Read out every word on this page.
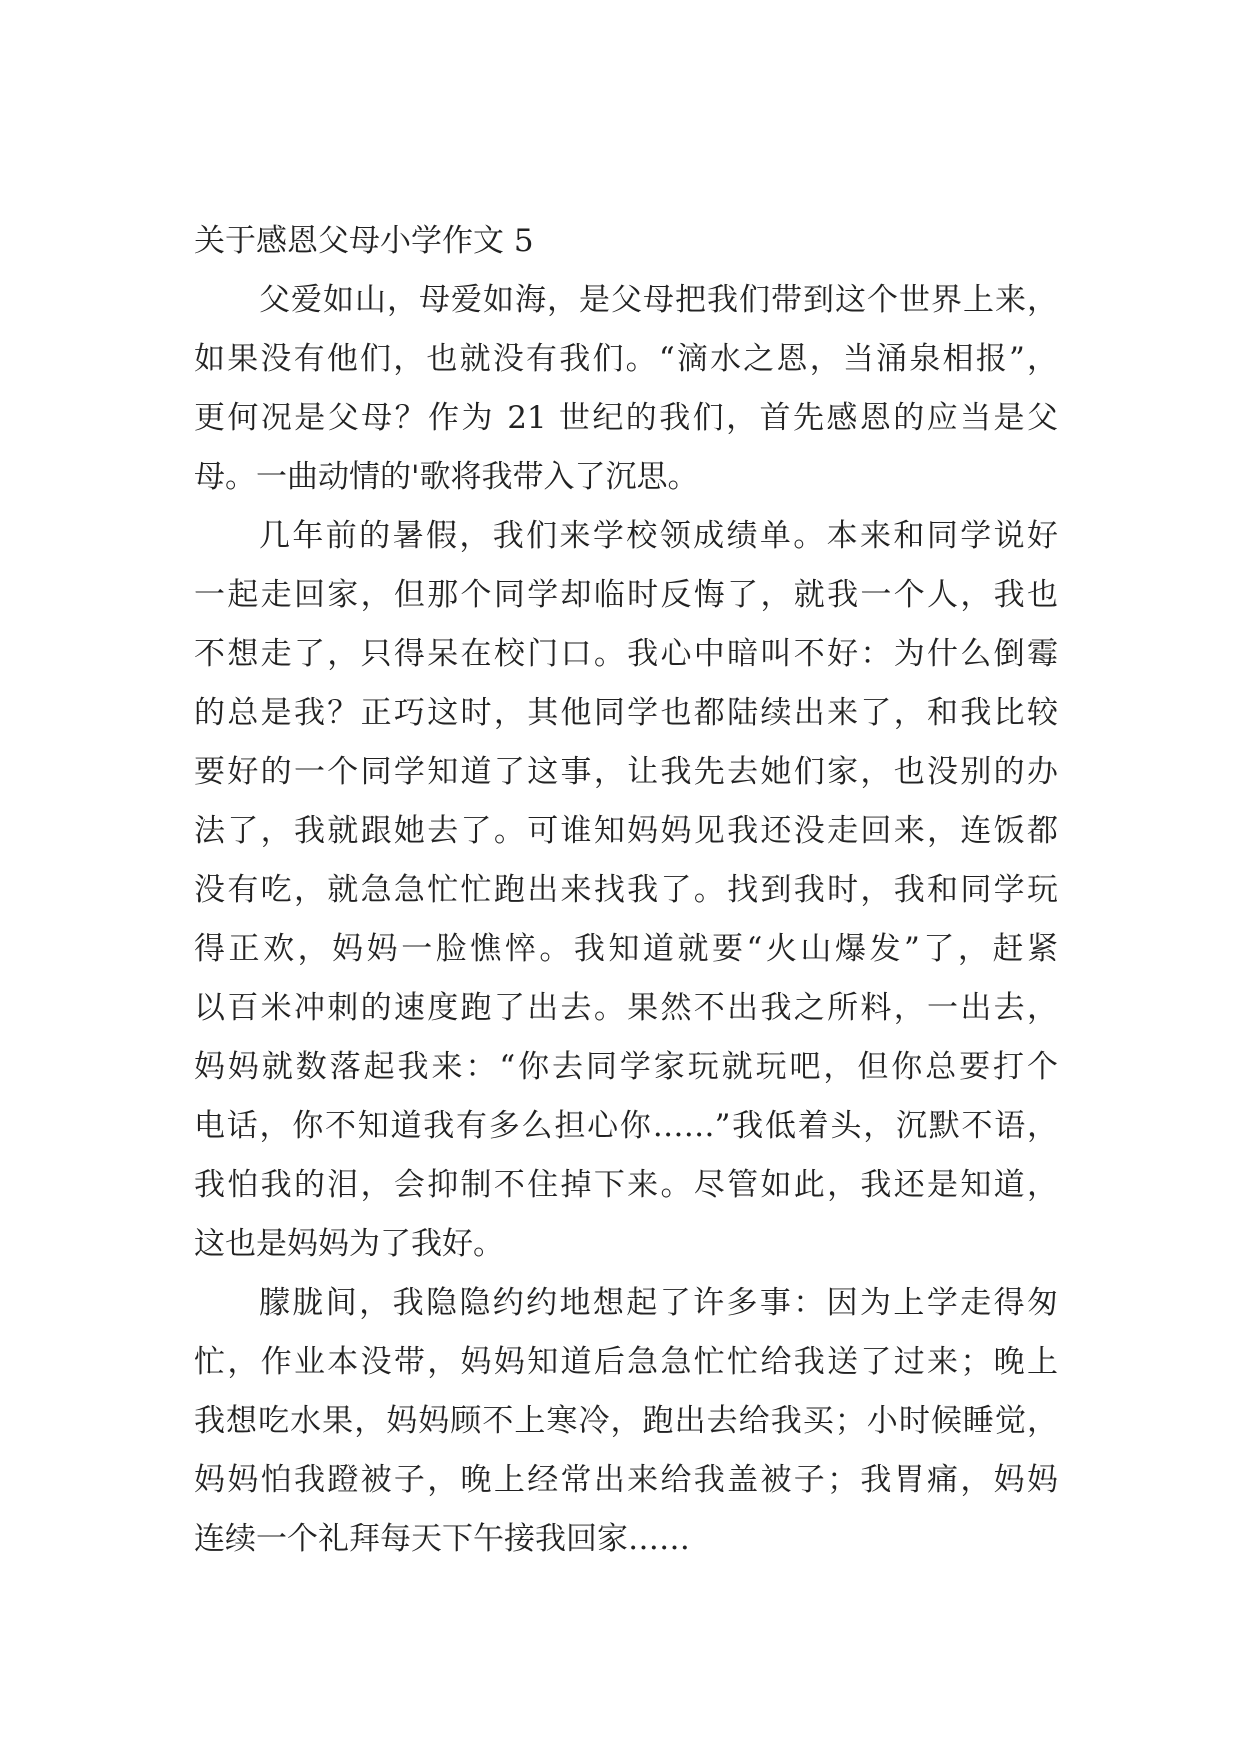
关于感恩父母小学作文 5
父爱如山，母爱如海，是父母把我们带到这个世界上来，
如果没有他们，也就没有我们。“滴水之恩，当涌泉相报”，
更何况是父母？作为 21 世纪的我们，首先感恩的应当是父
母。一曲动情的'歌将我带入了沉思。
几年前的暑假，我们来学校领成绩单。本来和同学说好
一起走回家，但那个同学却临时反悔了，就我一个人，我也
不想走了，只得呆在校门口。我心中暗叫不好：为什么倒霉
的总是我？正巧这时，其他同学也都陆续出来了，和我比较
要好的一个同学知道了这事，让我先去她们家，也没别的办
法了，我就跟她去了。可谁知妈妈见我还没走回来，连饭都
没有吃，就急急忙忙跑出来找我了。找到我时，我和同学玩
得正欢，妈妈一脸憔悴。我知道就要“火山爆发”了，赶紧
以百米冲刺的速度跑了出去。果然不出我之所料，一出去，
妈妈就数落起我来：“你去同学家玩就玩吧，但你总要打个
电话，你不知道我有多么担心你……”我低着头，沉默不语，
我怕我的泪，会抑制不住掉下来。尽管如此，我还是知道，
这也是妈妈为了我好。
朦胧间，我隐隐约约地想起了许多事：因为上学走得匆
忙，作业本没带，妈妈知道后急急忙忙给我送了过来；晚上
我想吃水果，妈妈顾不上寒冷，跑出去给我买；小时候睡觉，
妈妈怕我蹬被子，晚上经常出来给我盖被子；我胃痛，妈妈
连续一个礼拜每天下午接我回家……
